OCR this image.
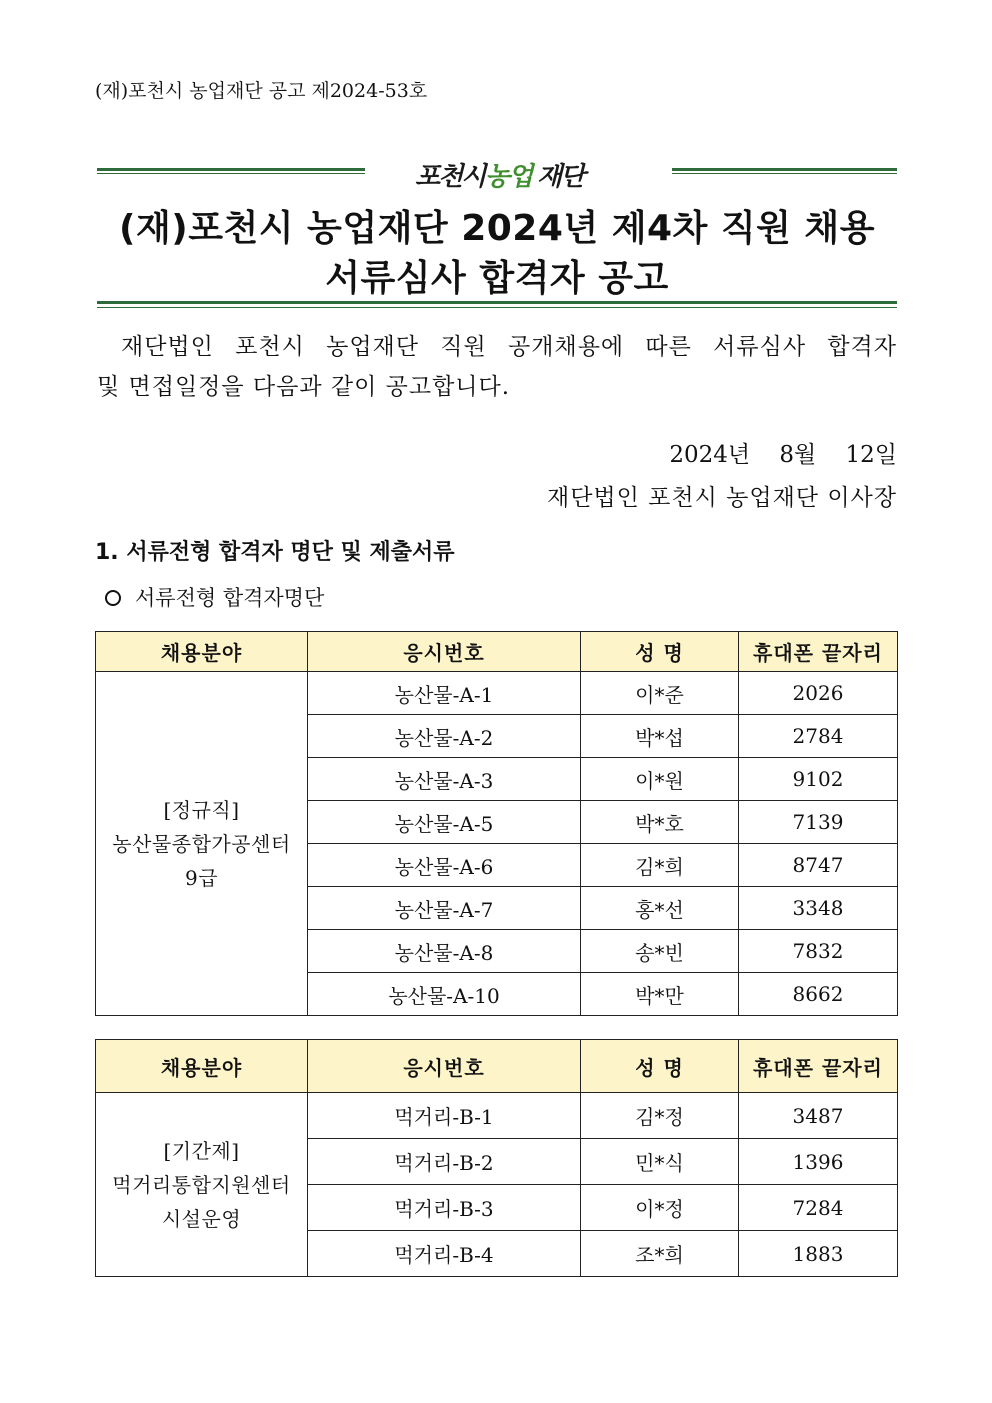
(재)포천시 농업재단 공고 제2024-53호
포천시 농업 재단
(재)포천시 농업재단 2024년 제4차 직원 채용
서류심사 합격자 공고
재단법인 포천시 농업재단 직원 공개채용에 따른 서류심사 합격자
및 면접일정을 다음과 같이 공고합니다.
2024년 8월 12일
재단법인 포천시 농업재단 이사장
1. 서류전형 합격자 명단 및 제출서류
서류전형 합격자명단
채용분야	응시번호	성 명	휴대폰 끝자리

[정규직]
농산물종합가공센터
9급	농산물-A-1	이*준	2026
	농산물-A-2	박*섭	2784
	농산물-A-3	이*원	9102
	농산물-A-5	박*호	7139
	농산물-A-6	김*희	8747
	농산물-A-7	홍*선	3348
	농산물-A-8	송*빈	7832
	농산물-A-10	박*만	8662
채용분야	응시번호	성 명	휴대폰 끝자리

[기간제]
먹거리통합지원센터
시설운영	먹거리-B-1	김*정	3487
	먹거리-B-2	민*식	1396
	먹거리-B-3	이*정	7284
	먹거리-B-4	조*희	1883
